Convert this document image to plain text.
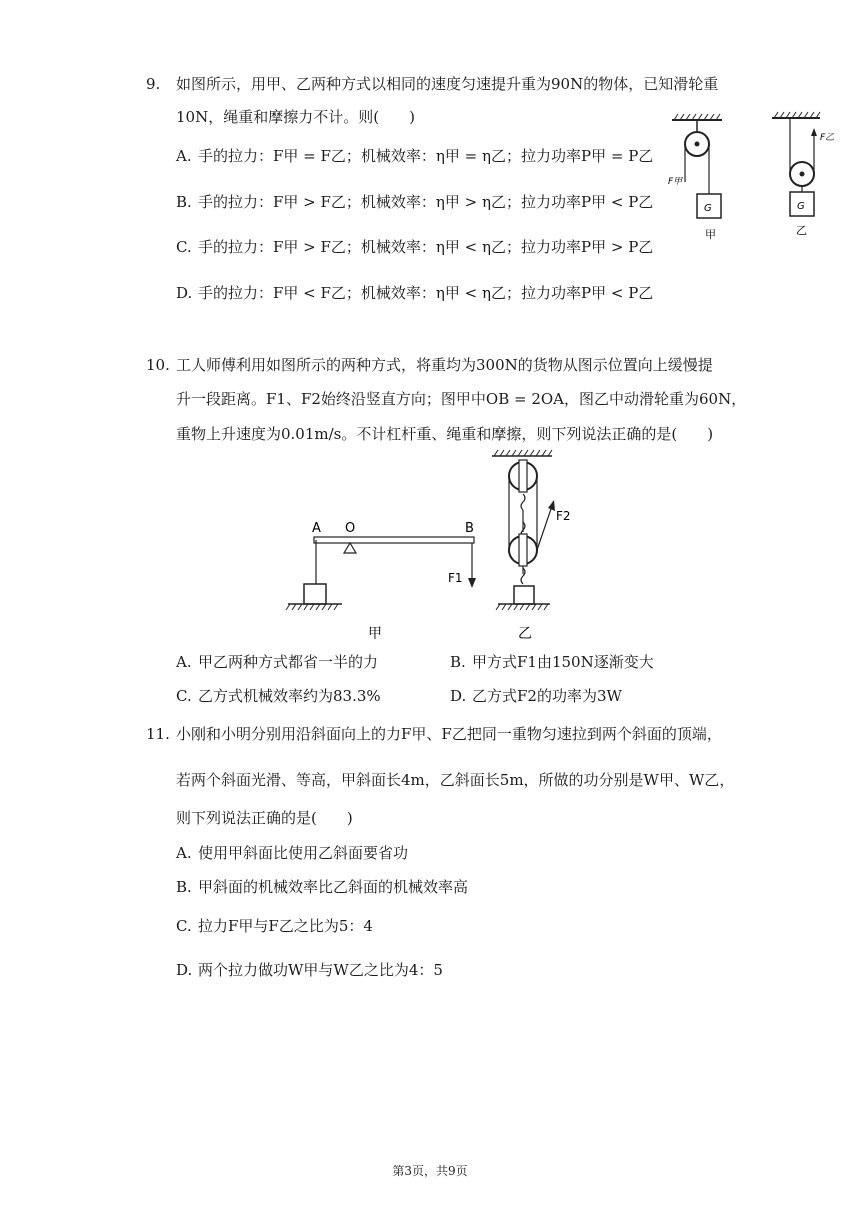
9. 如图所示，用甲、乙两种方式以相同的速度匀速提升重为90N的物体，已知滑轮重
10N，绳重和摩擦力不计。则(　　)
A. 手的拉力：F甲 = F乙；机械效率：η甲 = η乙；拉力功率P甲 = P乙
B. 手的拉力：F甲 > F乙；机械效率：η甲 > η乙；拉力功率P甲 < P乙
C. 手的拉力：F甲 > F乙；机械效率：η甲 < η乙；拉力功率P甲 > P乙
D. 手的拉力：F甲 < F乙；机械效率：η甲 < η乙；拉力功率P甲 < P乙
F甲
G
甲
F乙
G
乙
10. 工人师傅利用如图所示的两种方式，将重均为300N的货物从图示位置向上缓慢提
升一段距离。F1、F2始终沿竖直方向；图甲中OB = 2OA，图乙中动滑轮重为60N，
重物上升速度为0.01m/s。不计杠杆重、绳重和摩擦，则下列说法正确的是(　　)
A O	B
F1
甲
F2
乙
A. 甲乙两种方式都省一半的力	B. 甲方式F1由150N逐渐变大
C. 乙方式机械效率约为83.3%	D. 乙方式F2的功率为3W
11. 小刚和小明分别用沿斜面向上的力F甲、F乙把同一重物匀速拉到两个斜面的顶端，
若两个斜面光滑、等高，甲斜面长4m，乙斜面长5m，所做的功分别是W甲、W乙，
则下列说法正确的是(　　)
A. 使用甲斜面比使用乙斜面要省功
B. 甲斜面的机械效率比乙斜面的机械效率高
C. 拉力F甲与F乙之比为5：4
D. 两个拉力做功W甲与W乙之比为4：5
第3页，共9页
